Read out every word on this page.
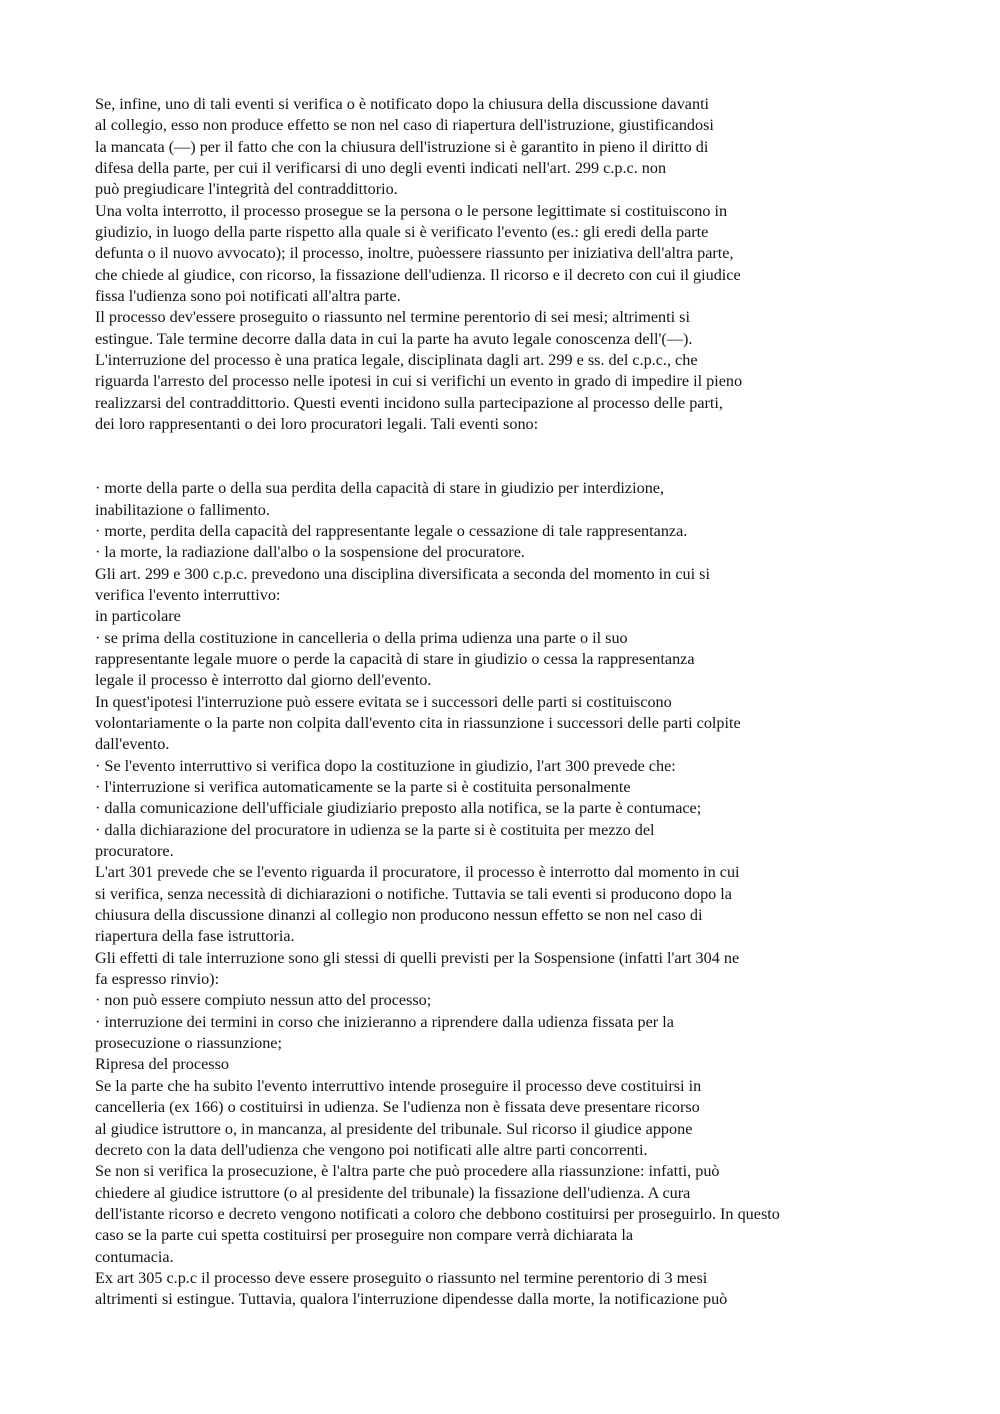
Se, infine, uno di tali eventi si verifica o è notificato dopo la chiusura della discussione davanti
al collegio, esso non produce effetto se non nel caso di riapertura dell'istruzione, giustificandosi
la mancata (—) per il fatto che con la chiusura dell'istruzione si è garantito in pieno il diritto di
difesa della parte, per cui il verificarsi di uno degli eventi indicati nell'art. 299 c.p.c. non
può pregiudicare l'integrità del contraddittorio.
Una volta interrotto, il processo prosegue se la persona o le persone legittimate si costituiscono in
giudizio, in luogo della parte rispetto alla quale si è verificato l'evento (es.: gli eredi della parte
defunta o il nuovo avvocato); il processo, inoltre, puòessere riassunto per iniziativa dell'altra parte,
che chiede al giudice, con ricorso, la fissazione dell'udienza. Il ricorso e il decreto con cui il giudice
fissa l'udienza sono poi notificati all'altra parte.
Il processo dev'essere proseguito o riassunto nel termine perentorio di sei mesi; altrimenti si
estingue. Tale termine decorre dalla data in cui la parte ha avuto legale conoscenza dell'(—).
L'interruzione del processo è una pratica legale, disciplinata dagli art. 299 e ss. del c.p.c., che
riguarda l'arresto del processo nelle ipotesi in cui si verifichi un evento in grado di impedire il pieno
realizzarsi del contraddittorio. Questi eventi incidono sulla partecipazione al processo delle parti,
dei loro rappresentanti o dei loro procuratori legali. Tali eventi sono:
· morte della parte o della sua perdita della capacità di stare in giudizio per interdizione,
inabilitazione o fallimento.
· morte, perdita della capacità del rappresentante legale o cessazione di tale rappresentanza.
· la morte, la radiazione dall'albo o la sospensione del procuratore.
Gli art. 299 e 300 c.p.c. prevedono una disciplina diversificata a seconda del momento in cui si
verifica l'evento interruttivo:
in particolare
· se prima della costituzione in cancelleria o della prima udienza una parte o il suo
rappresentante legale muore o perde la capacità di stare in giudizio o cessa la rappresentanza
legale il processo è interrotto dal giorno dell'evento.
In quest'ipotesi l'interruzione può essere evitata se i successori delle parti si costituiscono
volontariamente o la parte non colpita dall'evento cita in riassunzione i successori delle parti colpite
dall'evento.
· Se l'evento interruttivo si verifica dopo la costituzione in giudizio, l'art 300 prevede che:
· l'interruzione si verifica automaticamente se la parte si è costituita personalmente
· dalla comunicazione dell'ufficiale giudiziario preposto alla notifica, se la parte è contumace;
· dalla dichiarazione del procuratore in udienza se la parte si è costituita per mezzo del
procuratore.
L'art 301 prevede che se l'evento riguarda il procuratore, il processo è interrotto dal momento in cui
si verifica, senza necessità di dichiarazioni o notifiche. Tuttavia se tali eventi si producono dopo la
chiusura della discussione dinanzi al collegio non producono nessun effetto se non nel caso di
riapertura della fase istruttoria.
Gli effetti di tale interruzione sono gli stessi di quelli previsti per la Sospensione (infatti l'art 304 ne
fa espresso rinvio):
· non può essere compiuto nessun atto del processo;
· interruzione dei termini in corso che inizieranno a riprendere dalla udienza fissata per la
prosecuzione o riassunzione;
Ripresa del processo
Se la parte che ha subito l'evento interruttivo intende proseguire il processo deve costituirsi in
cancelleria (ex 166) o costituirsi in udienza. Se l'udienza non è fissata deve presentare ricorso
al giudice istruttore o, in mancanza, al presidente del tribunale. Sul ricorso il giudice appone
decreto con la data dell'udienza che vengono poi notificati alle altre parti concorrenti.
Se non si verifica la prosecuzione, è l'altra parte che può procedere alla riassunzione: infatti, può
chiedere al giudice istruttore (o al presidente del tribunale) la fissazione dell'udienza. A cura
dell'istante ricorso e decreto vengono notificati a coloro che debbono costituirsi per proseguirlo. In questo
caso se la parte cui spetta costituirsi per proseguire non compare verrà dichiarata la
contumacia.
Ex art 305 c.p.c il processo deve essere proseguito o riassunto nel termine perentorio di 3 mesi
altrimenti si estingue. Tuttavia, qualora l'interruzione dipendesse dalla morte, la notificazione può
